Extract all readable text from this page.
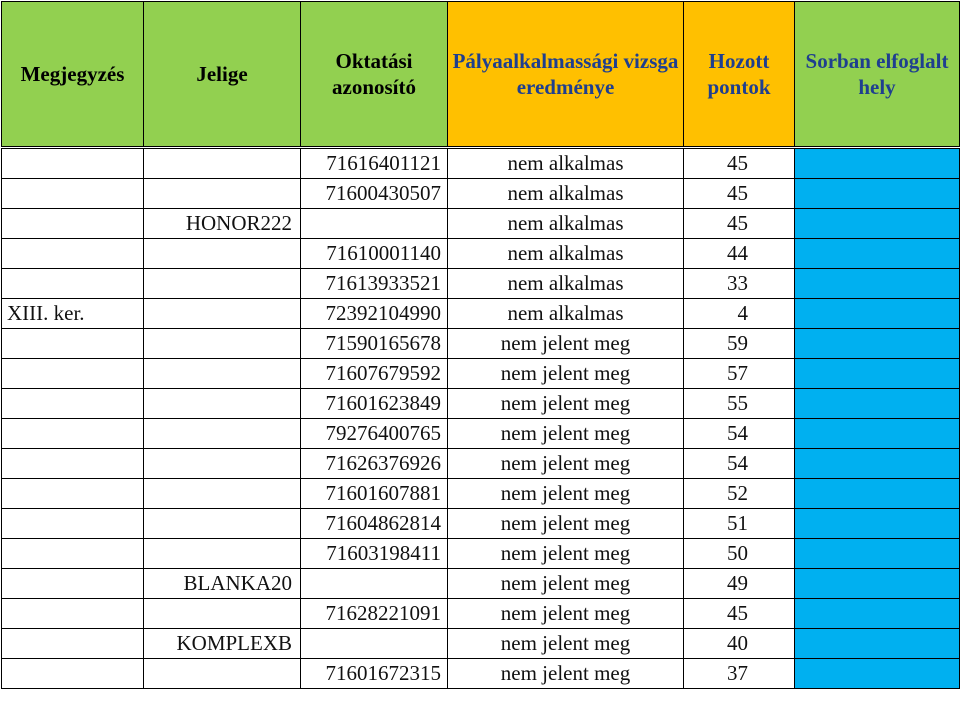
Megjegyzés	Jelige	Oktatási azonosító	Pályaalkalmassági vizsga eredménye	Hozott pontok	Sorban elfoglalt hely

		71616401121	nem alkalmas	45	
		71600430507	nem alkalmas	45	
	HONOR222		nem alkalmas	45	
		71610001140	nem alkalmas	44	
		71613933521	nem alkalmas	33	
XIII. ker.		72392104990	nem alkalmas	4	
		71590165678	nem jelent meg	59	
		71607679592	nem jelent meg	57	
		71601623849	nem jelent meg	55	
		79276400765	nem jelent meg	54	
		71626376926	nem jelent meg	54	
		71601607881	nem jelent meg	52	
		71604862814	nem jelent meg	51	
		71603198411	nem jelent meg	50	
	BLANKA20		nem jelent meg	49	
		71628221091	nem jelent meg	45	
	KOMPLEXB		nem jelent meg	40	
		71601672315	nem jelent meg	37	
